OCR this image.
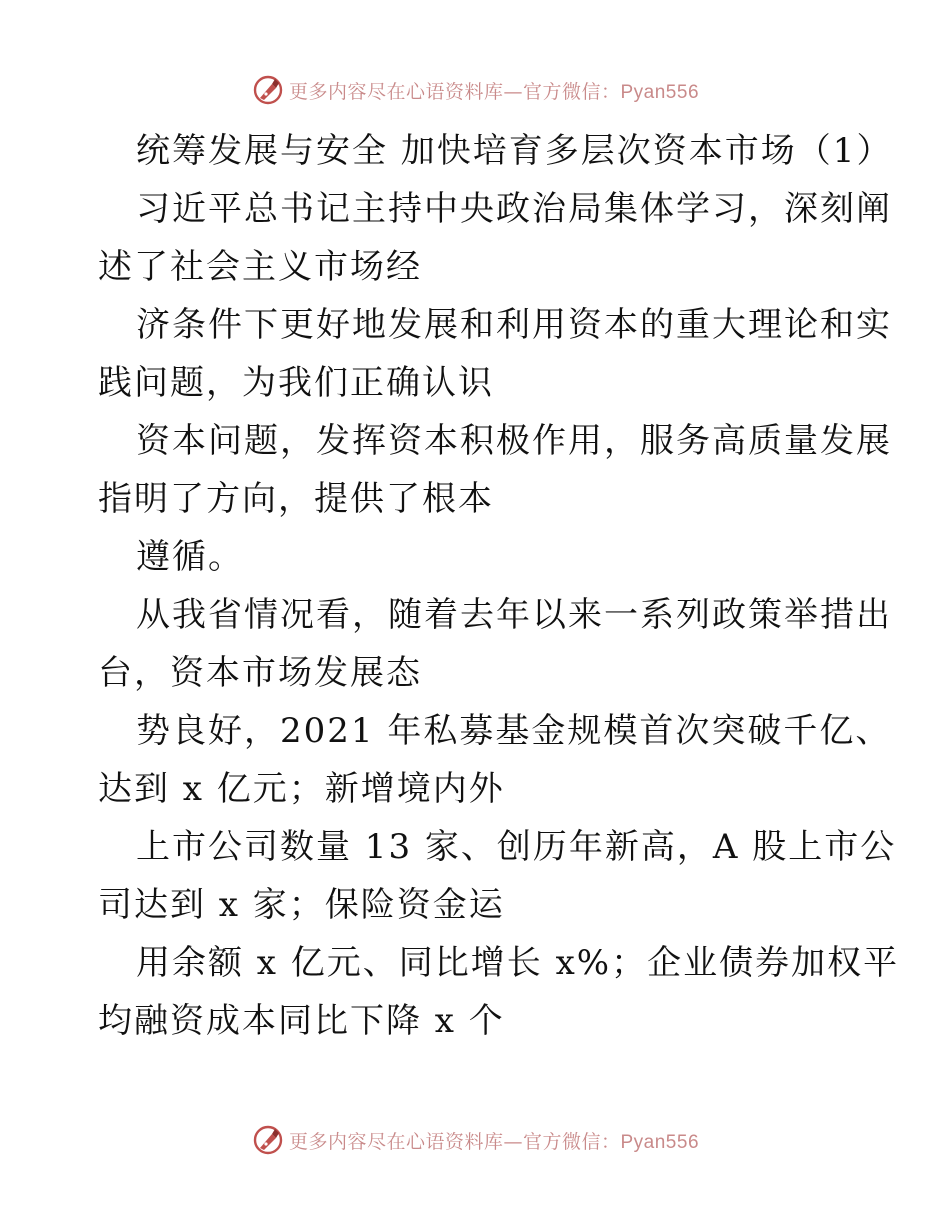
更多内容尽在心语资料库—官方微信：Pyan556
统筹发展与安全 加快培育多层次资本市场（1）
习近平总书记主持中央政治局集体学习，深刻阐
述了社会主义市场经
济条件下更好地发展和利用资本的重大理论和实
践问题，为我们正确认识
资本问题，发挥资本积极作用，服务高质量发展
指明了方向，提供了根本
遵循。
从我省情况看，随着去年以来一系列政策举措出
台，资本市场发展态
势良好，2021 年私募基金规模首次突破千亿、
达到 x 亿元；新增境内外
上市公司数量 13 家、创历年新高，A 股上市公
司达到 x 家；保险资金运
用余额 x 亿元、同比增长 x%；企业债券加权平
均融资成本同比下降 x 个
更多内容尽在心语资料库—官方微信：Pyan556
